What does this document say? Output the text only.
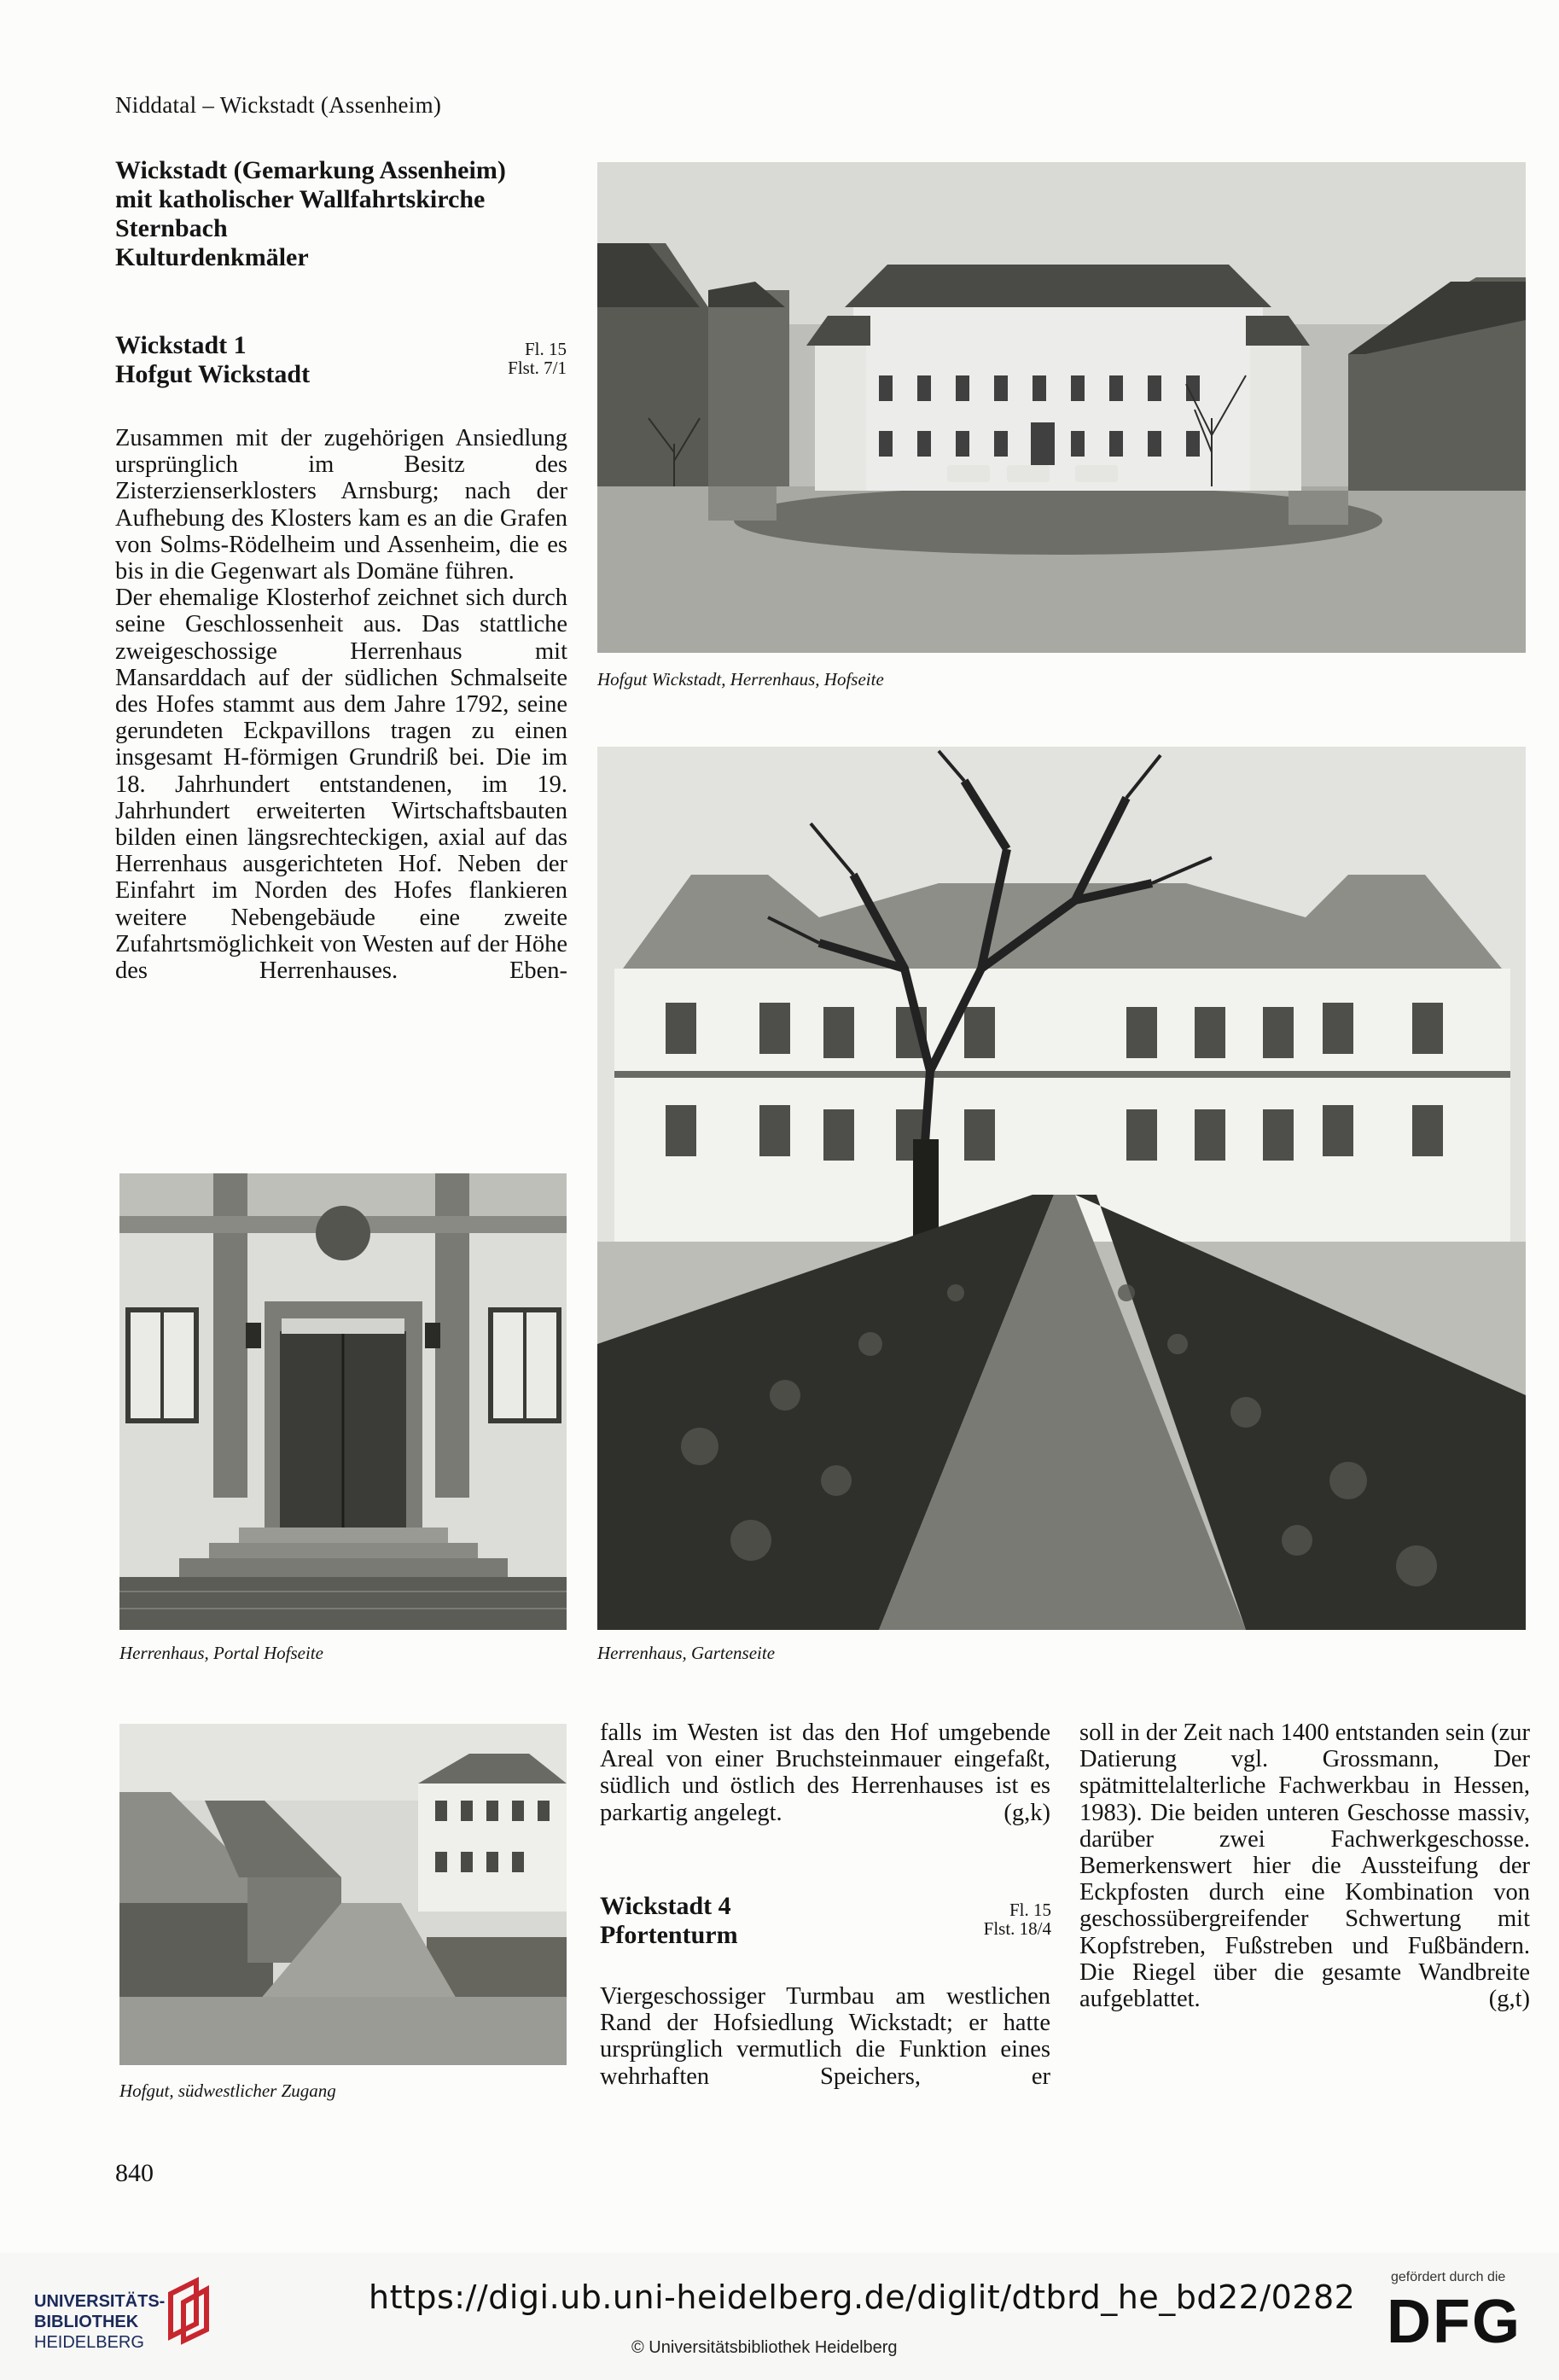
Niddatal – Wickstadt (Assenheim)
Wickstadt (Gemarkung Assenheim)
mit katholischer Wallfahrtskirche
Sternbach
Kulturdenkmäler
Wickstadt 1
Hofgut Wickstadt
Fl. 15
Flst. 7/1

Zusammen mit der zugehörigen Ansiedlung ursprünglich im Besitz des Zisterzienserklosters Arnsburg; nach der Aufhebung des Klosters kam es an die Grafen von Solms-Rödelheim und Assenheim, die es bis in die Gegenwart als Domäne führen.

Der ehemalige Klosterhof zeichnet sich durch seine Geschlossenheit aus. Das stattliche zweigeschossige Herrenhaus mit Mansarddach auf der südlichen Schmalseite des Hofes stammt aus dem Jahre 1792, seine gerundeten Eckpavillons tragen zu einen insgesamt H-förmigen Grundriß bei. Die im 18. Jahrhundert entstandenen, im 19. Jahrhundert erweiterten Wirtschaftsbauten bilden einen längsrechteckigen, axial auf das Herrenhaus ausgerichteten Hof. Neben der Einfahrt im Norden des Hofes flankieren weitere Nebengebäude eine zweite Zufahrtsmöglichkeit von Westen auf der Höhe des Herrenhauses. Eben-

Hofgut Wickstadt, Herrenhaus, Hofseite
Herrenhaus, Gartenseite
Herrenhaus, Portal Hofseite
Hofgut, südwestlicher Zugang
falls im Westen ist das den Hof umgebende Areal von einer Bruchsteinmauer eingefaßt, südlich und östlich des Herrenhauses ist es parkartig angelegt.	(g,k)
Wickstadt 4
Pfortenturm
Fl. 15
Flst. 18/4
Viergeschossiger Turmbau am westlichen Rand der Hofsiedlung Wickstadt; er hatte ursprünglich vermutlich die Funktion eines wehrhaften Speichers, er
soll in der Zeit nach 1400 entstanden sein (zur Datierung vgl. Grossmann, Der spätmittelalterliche Fachwerkbau in Hessen, 1983). Die beiden unteren Geschosse massiv, darüber zwei Fachwerkgeschosse. Bemerkenswert hier die Aussteifung der Eckpfosten durch eine Kombination von geschossübergreifender Schwertung mit Kopfstreben, Fußstreben und Fußbändern. Die Riegel über die gesamte Wandbreite aufgeblattet.	(g,t)
840
UNIVERSITÄTS-
BIBLIOTHEK
HEIDELBERG
https://digi.ub.uni-heidelberg.de/diglit/dtbrd_he_bd22/0282
© Universitätsbibliothek Heidelberg
gefördert durch die
DFG
